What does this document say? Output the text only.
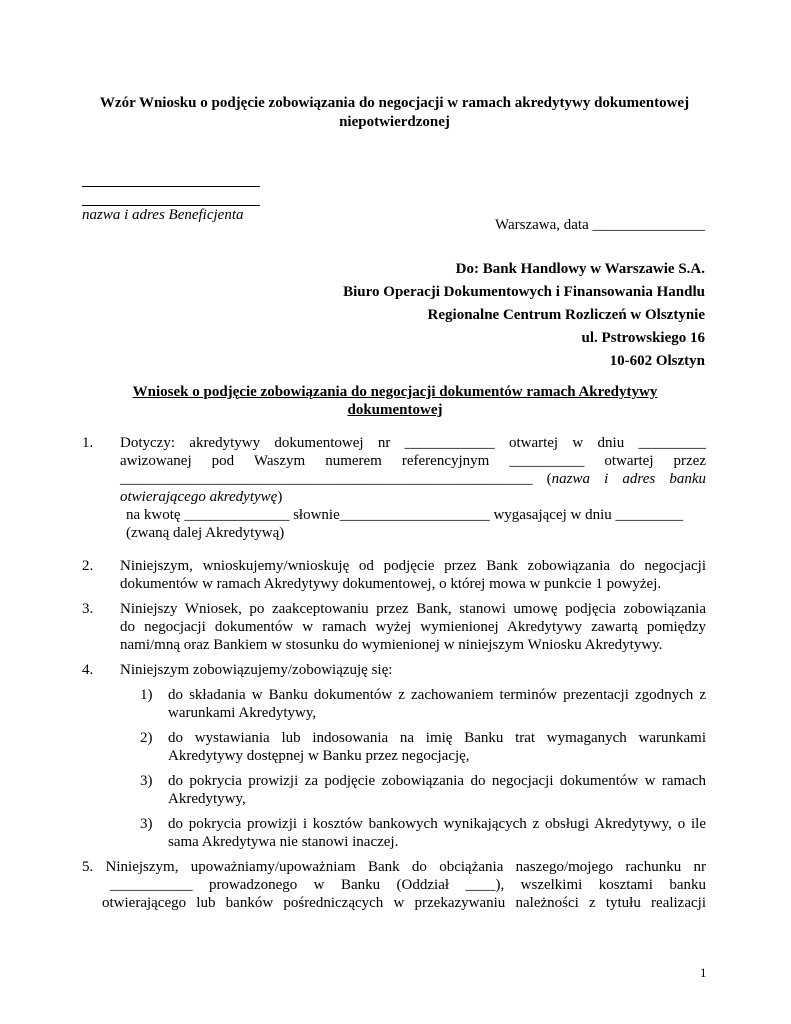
Wzór Wniosku o podjęcie zobowiązania do negocjacji w ramach akredytywy dokumentowej
niepotwierdzonej
nazwa i adres Beneficjenta
Warszawa, data _______________
Do: Bank Handlowy w Warszawie S.A.
Biuro Operacji Dokumentowych i Finansowania Handlu
Regionalne Centrum Rozliczeń w Olsztynie
ul. Pstrowskiego 16
10-602 Olsztyn
Wniosek o podjęcie zobowiązania do negocjacji dokumentów ramach Akredytywy
dokumentowej
1. Dotyczy: akredytywy dokumentowej nr ____________ otwartej w dniu _________
awizowanej pod Waszym numerem referencyjnym __________ otwartej przez
_______________________________________________________ (nazwa i adres banku
otwierającego akredytywę)
na kwotę ______________ słownie____________________ wygasającej w dniu _________
(zwaną dalej Akredytywą)
2. Niniejszym, wnioskujemy/wnioskuję od podjęcie przez Bank zobowiązania do negocjacji
dokumentów w ramach Akredytywy dokumentowej, o której mowa w punkcie 1 powyżej.
3. Niniejszy Wniosek, po zaakceptowaniu przez Bank, stanowi umowę podjęcia zobowiązania
do negocjacji dokumentów w ramach wyżej wymienionej Akredytywy zawartą pomiędzy
nami/mną oraz Bankiem w stosunku do wymienionej w niniejszym Wniosku Akredytywy.
4. Niniejszym zobowiązujemy/zobowiązuję się:
1) do składania w Banku dokumentów z zachowaniem terminów prezentacji zgodnych z
warunkami Akredytywy,
2) do wystawiania lub indosowania na imię Banku trat wymaganych warunkami
Akredytywy dostępnej w Banku przez negocjację,
3) do pokrycia prowizji za podjęcie zobowiązania do negocjacji dokumentów w ramach
Akredytywy,
3) do pokrycia prowizji i kosztów bankowych wynikających z obsługi Akredytywy, o ile
sama Akredytywa nie stanowi inaczej.
5. Niniejszym, upoważniamy/upoważniam Bank do obciążania naszego/mojego rachunku nr
___________ prowadzonego w Banku (Oddział ____), wszelkimi kosztami banku
otwierającego lub banków pośredniczących w przekazywaniu należności z tytułu realizacji
1
